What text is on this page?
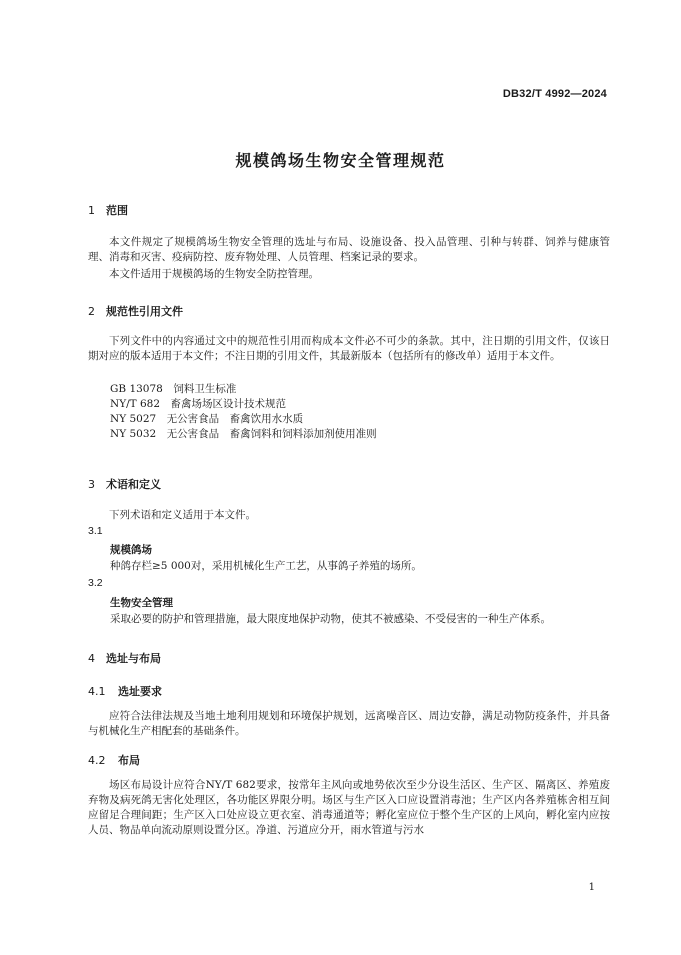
DB32/T 4992—2024
规模鸽场生物安全管理规范
1 范围
本文件规定了规模鸽场生物安全管理的选址与布局、设施设备、投入品管理、引种与转群、饲养与健康管理、消毒和灭害、疫病防控、废弃物处理、人员管理、档案记录的要求。
本文件适用于规模鸽场的生物安全防控管理。
2 规范性引用文件
下列文件中的内容通过文中的规范性引用而构成本文件必不可少的条款。其中，注日期的引用文件，仅该日期对应的版本适用于本文件；不注日期的引用文件，其最新版本（包括所有的修改单）适用于本文件。
GB 13078　饲料卫生标准
NY/T 682　畜禽场场区设计技术规范
NY 5027　无公害食品　畜禽饮用水水质
NY 5032　无公害食品　畜禽饲料和饲料添加剂使用准则
3 术语和定义
下列术语和定义适用于本文件。
3.1
规模鸽场
种鸽存栏≥5 000对，采用机械化生产工艺，从事鸽子养殖的场所。
3.2
生物安全管理
采取必要的防护和管理措施，最大限度地保护动物，使其不被感染、不受侵害的一种生产体系。
4 选址与布局
4.1 选址要求
应符合法律法规及当地土地利用规划和环境保护规划，远离噪音区、周边安静，满足动物防疫条件，并具备与机械化生产相配套的基础条件。
4.2 布局
场区布局设计应符合NY/T 682要求，按常年主风向或地势依次至少分设生活区、生产区、隔离区、养殖废弃物及病死鸽无害化处理区，各功能区界限分明。场区与生产区入口应设置消毒池；生产区内各养殖栋舍相互间应留足合理间距；生产区入口处应设立更衣室、消毒通道等；孵化室应位于整个生产区的上风向，孵化室内应按人员、物品单向流动原则设置分区。净道、污道应分开，雨水管道与污水
1
